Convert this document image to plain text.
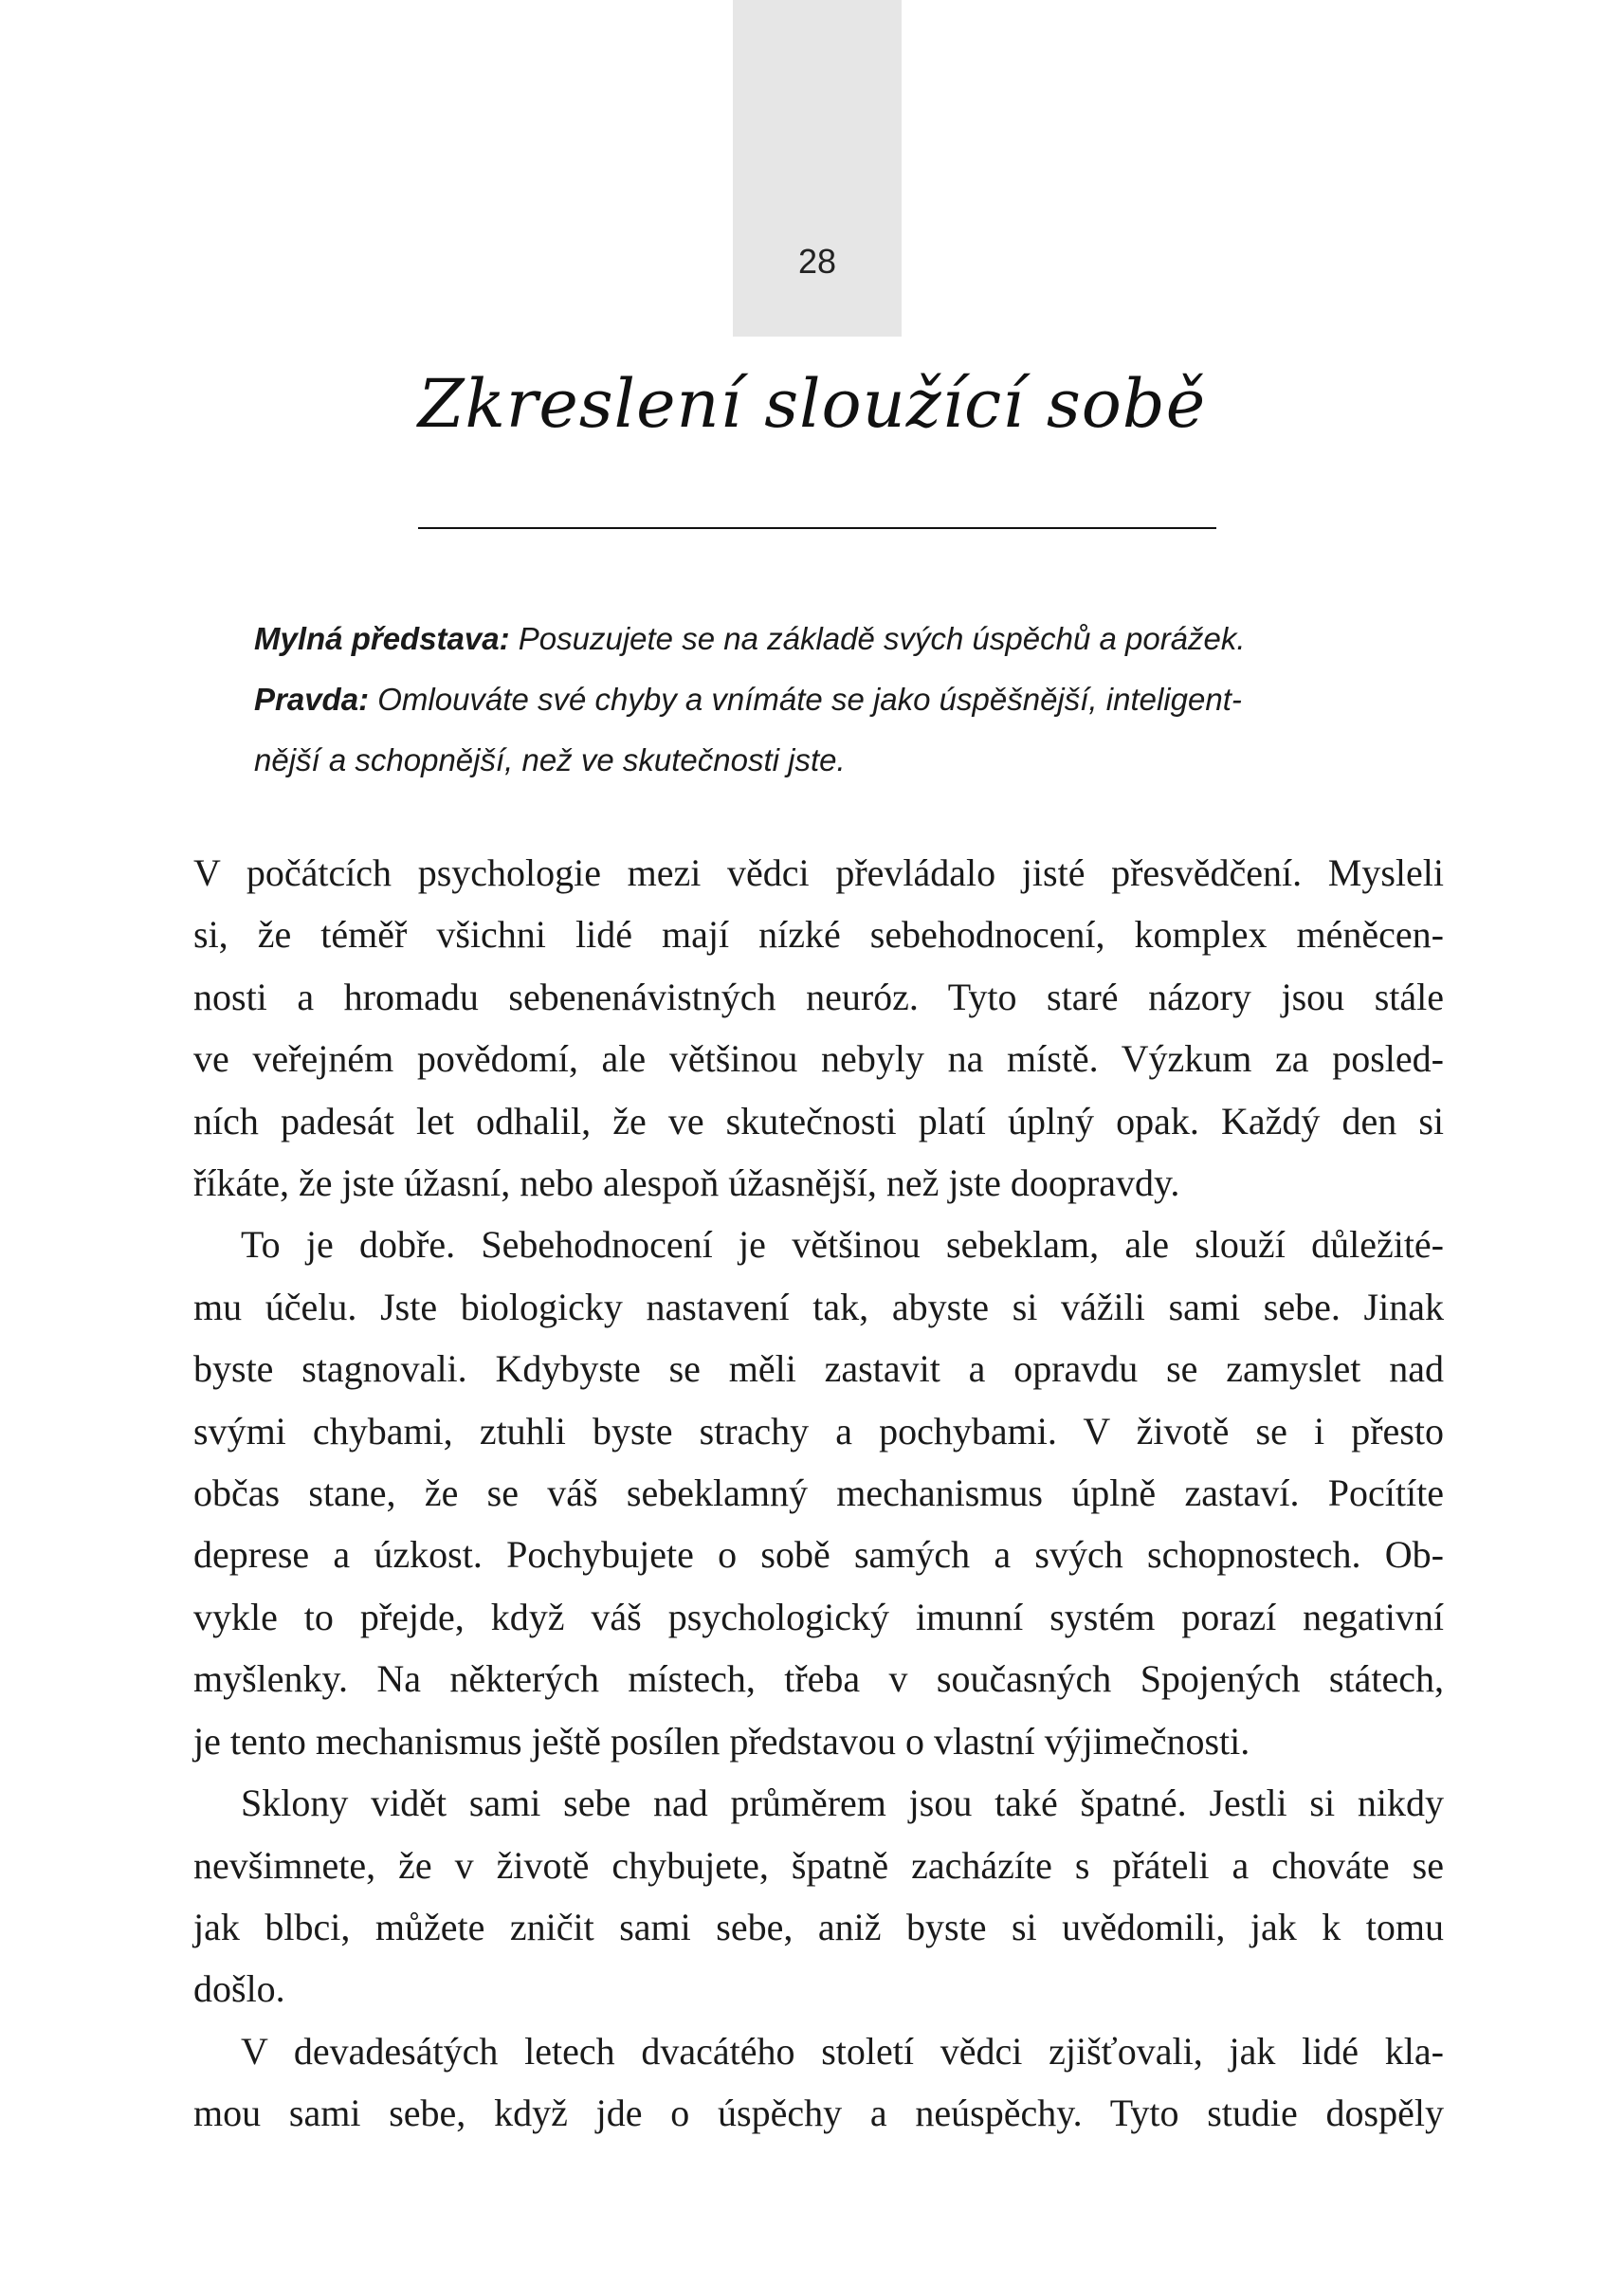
28
Zkreslení sloužící sobě
Mylná představa: Posuzujete se na základě svých úspěchů a porážek.
Pravda: Omlouváte své chyby a vnímáte se jako úspěšnější, inteligent-
nější a schopnější, než ve skutečnosti jste.
V počátcích psychologie mezi vědci převládalo jisté přesvědčení. Mysleli
si, že téměř všichni lidé mají nízké sebehodnocení, komplex méněcen-
nosti a hromadu sebenenávistných neuróz. Tyto staré názory jsou stále
ve veřejném povědomí, ale většinou nebyly na místě. Výzkum za posled-
ních padesát let odhalil, že ve skutečnosti platí úplný opak. Každý den si
říkáte, že jste úžasní, nebo alespoň úžasnější, než jste doopravdy.
To je dobře. Sebehodnocení je většinou sebeklam, ale slouží důležité-
mu účelu. Jste biologicky nastavení tak, abyste si vážili sami sebe. Jinak
byste stagnovali. Kdybyste se měli zastavit a opravdu se zamyslet nad
svými chybami, ztuhli byste strachy a pochybami. V životě se i přesto
občas stane, že se váš sebeklamný mechanismus úplně zastaví. Pocítíte
deprese a úzkost. Pochybujete o sobě samých a svých schopnostech. Ob-
vykle to přejde, když váš psychologický imunní systém porazí negativní
myšlenky. Na některých místech, třeba v současných Spojených státech,
je tento mechanismus ještě posílen představou o vlastní výjimečnosti.
Sklony vidět sami sebe nad průměrem jsou také špatné. Jestli si nikdy
nevšimnete, že v životě chybujete, špatně zacházíte s přáteli a chováte se
jak blbci, můžete zničit sami sebe, aniž byste si uvědomili, jak k tomu
došlo.
V devadesátých letech dvacátého století vědci zjišťovali, jak lidé kla-
mou sami sebe, když jde o úspěchy a neúspěchy. Tyto studie dospěly
